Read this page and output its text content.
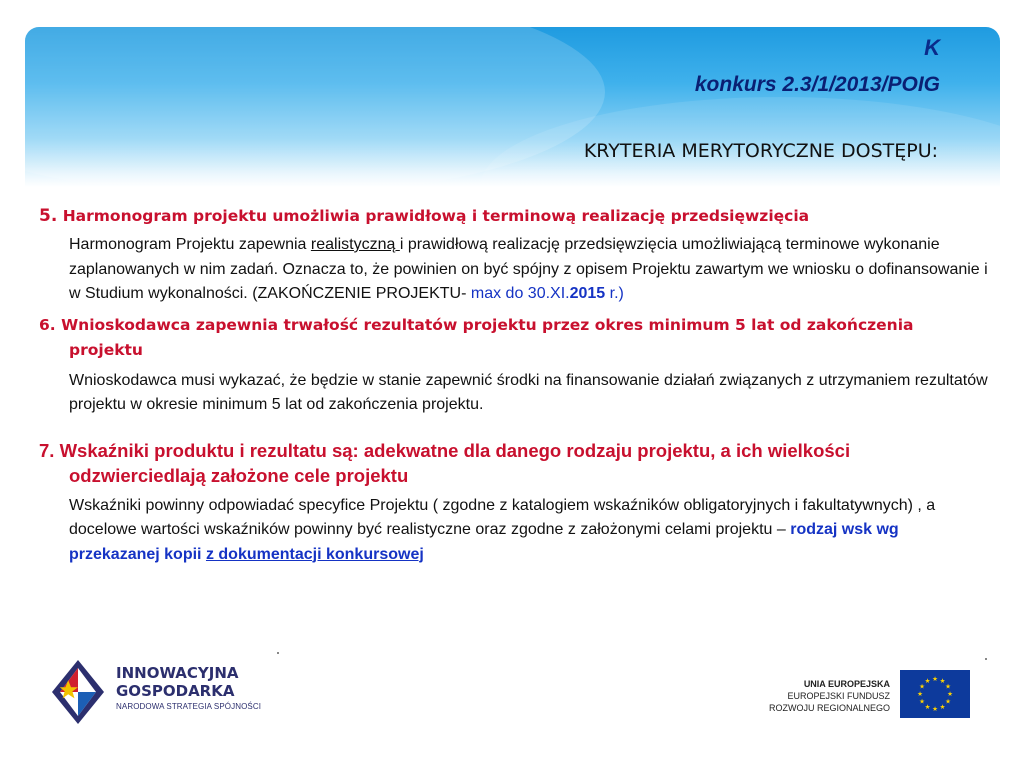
K

konkurs 2.3/1/2013/POIG

KRYTERIA MERYTORYCZNE DOSTĘPU:

5. Harmonogram projektu umożliwia prawidłową i terminową realizację przedsięwzięcia

Harmonogram Projektu zapewnia realistyczną i prawidłową realizację przedsięwzięcia umożliwiającą terminowe wykonanie zaplanowanych w nim zadań. Oznacza to, że powinien on być spójny z opisem Projektu zawartym we wniosku o dofinansowanie i w Studium wykonalności. (ZAKOŃCZENIE PROJEKTU- max do 30.XI.2015 r.)

6. Wnioskodawca zapewnia trwałość rezultatów projektu przez okres minimum 5 lat od zakończenia projektu

Wnioskodawca musi wykazać, że będzie w stanie zapewnić środki na finansowanie działań związanych z utrzymaniem rezultatów projektu w okresie minimum 5 lat od zakończenia projektu.

7. Wskaźniki produktu i rezultatu są: adekwatne dla danego rodzaju projektu, a ich wielkości odzwierciedlają założone cele projektu

Wskaźniki powinny odpowiadać specyfice Projektu ( zgodne z katalogiem wskaźników obligatoryjnych i fakultatywnych) , a docelowe wartości wskaźników powinny być realistyczne oraz zgodne z założonymi celami projektu – rodzaj wsk wg przekazanej kopii z dokumentacji konkursowej

INNOWACYJNA
GOSPODARKA
NARODOWA STRATEGIA SPÓJNOŚCI
UNIA EUROPEJSKA
EUROPEJSKI FUNDUSZ
ROZWOJU REGIONALNEGO
★ ★
★
★
★
★
★
★
★
★
★
★
